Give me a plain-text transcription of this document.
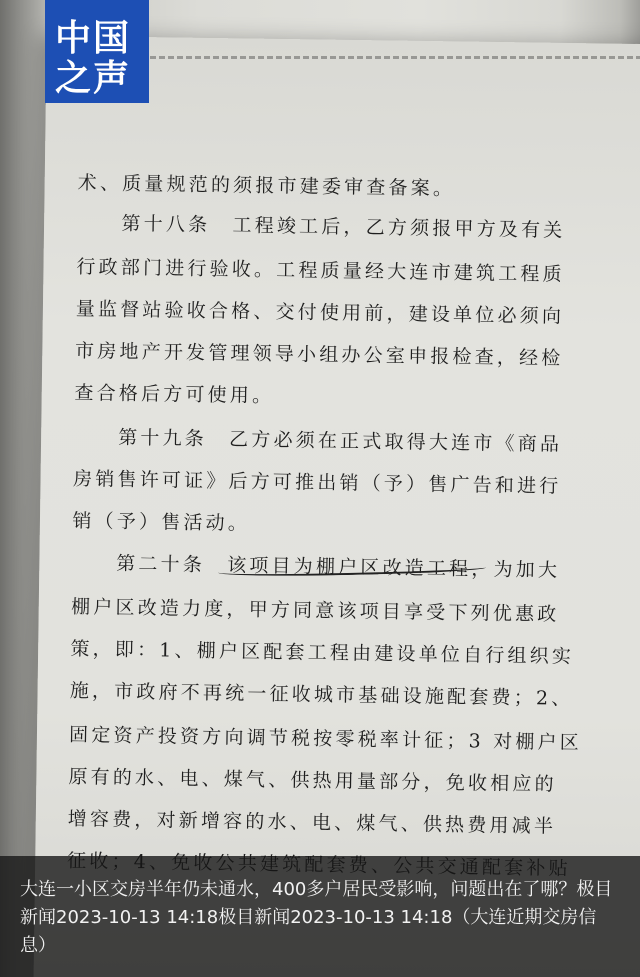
术、质量规范的须报市建委审查备案。
　　第十八条　工程竣工后，乙方须报甲方及有关
行政部门进行验收。工程质量经大连市建筑工程质
量监督站验收合格、交付使用前，建设单位必须向
市房地产开发管理领导小组办公室申报检查，经检
查合格后方可使用。
　　第十九条　乙方必须在正式取得大连市《商品
房销售许可证》后方可推出销（予）售广告和进行
销（予）售活动。
　　第二十条　该项目为棚户区改造工程，为加大
棚户区改造力度，甲方同意该项目享受下列优惠政
策，即：1、棚户区配套工程由建设单位自行组织实
施，市政府不再统一征收城市基础设施配套费；2、
固定资产投资方向调节税按零税率计征；3 对棚户区
原有的水、电、煤气、供热用量部分，免收相应的
增容费，对新增容的水、电、煤气、供热费用减半
中国
之声
大连一小区交房半年仍未通水，400多户居民受影响，问题出在了哪？极目新闻2023-10-13 14:18极目新闻2023-10-13 14:18（大连近期交房信息）
